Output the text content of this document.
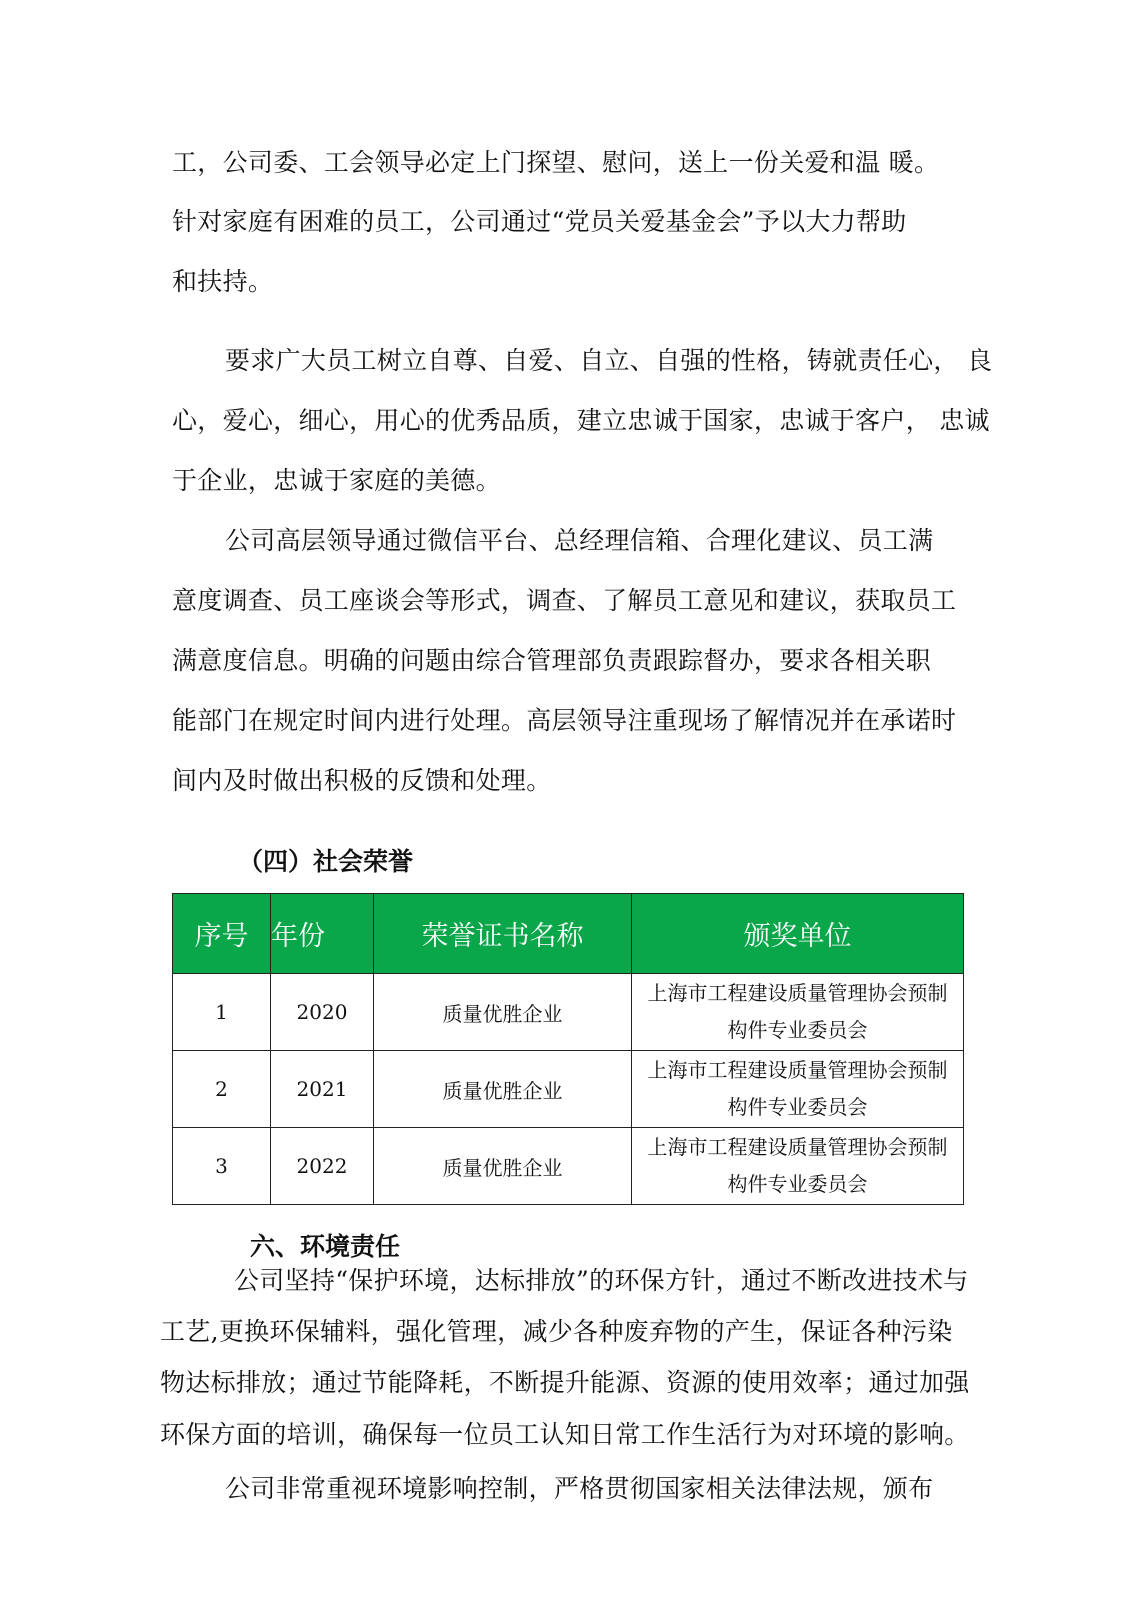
工，公司委、工会领导必定上门探望、慰问，送上一份关爱和温 暖。
针对家庭有困难的员工，公司通过“党员关爱基金会”予以大力帮助
和扶持。
要求广大员工树立自尊、自爱、自立、自强的性格，铸就责任心， 良
心，爱心，细心，用心的优秀品质，建立忠诚于国家，忠诚于客户， 忠诚
于企业，忠诚于家庭的美德。
公司高层领导通过微信平台、总经理信箱、合理化建议、员工满
意度调查、员工座谈会等形式，调查、了解员工意见和建议，获取员工
满意度信息。明确的问题由综合管理部负责跟踪督办，要求各相关职
能部门在规定时间内进行处理。高层领导注重现场了解情况并在承诺时
间内及时做出积极的反馈和处理。
（四）社会荣誉
序号	年份	荣誉证书名称	颁奖单位
1	2020	质量优胜企业	上海市工程建设质量管理协会预制
构件专业委员会

2	2021	质量优胜企业	上海市工程建设质量管理协会预制
构件专业委员会

3	2022	质量优胜企业	上海市工程建设质量管理协会预制
构件专业委员会
六、环境责任
公司坚持“保护环境，达标排放”的环保方针，通过不断改进技术与
工艺,更换环保辅料，强化管理，减少各种废弃物的产生，保证各种污染
物达标排放；通过节能降耗，不断提升能源、资源的使用效率；通过加强
环保方面的培训，确保每一位员工认知日常工作生活行为对环境的影响。
公司非常重视环境影响控制，严格贯彻国家相关法律法规，颁布
